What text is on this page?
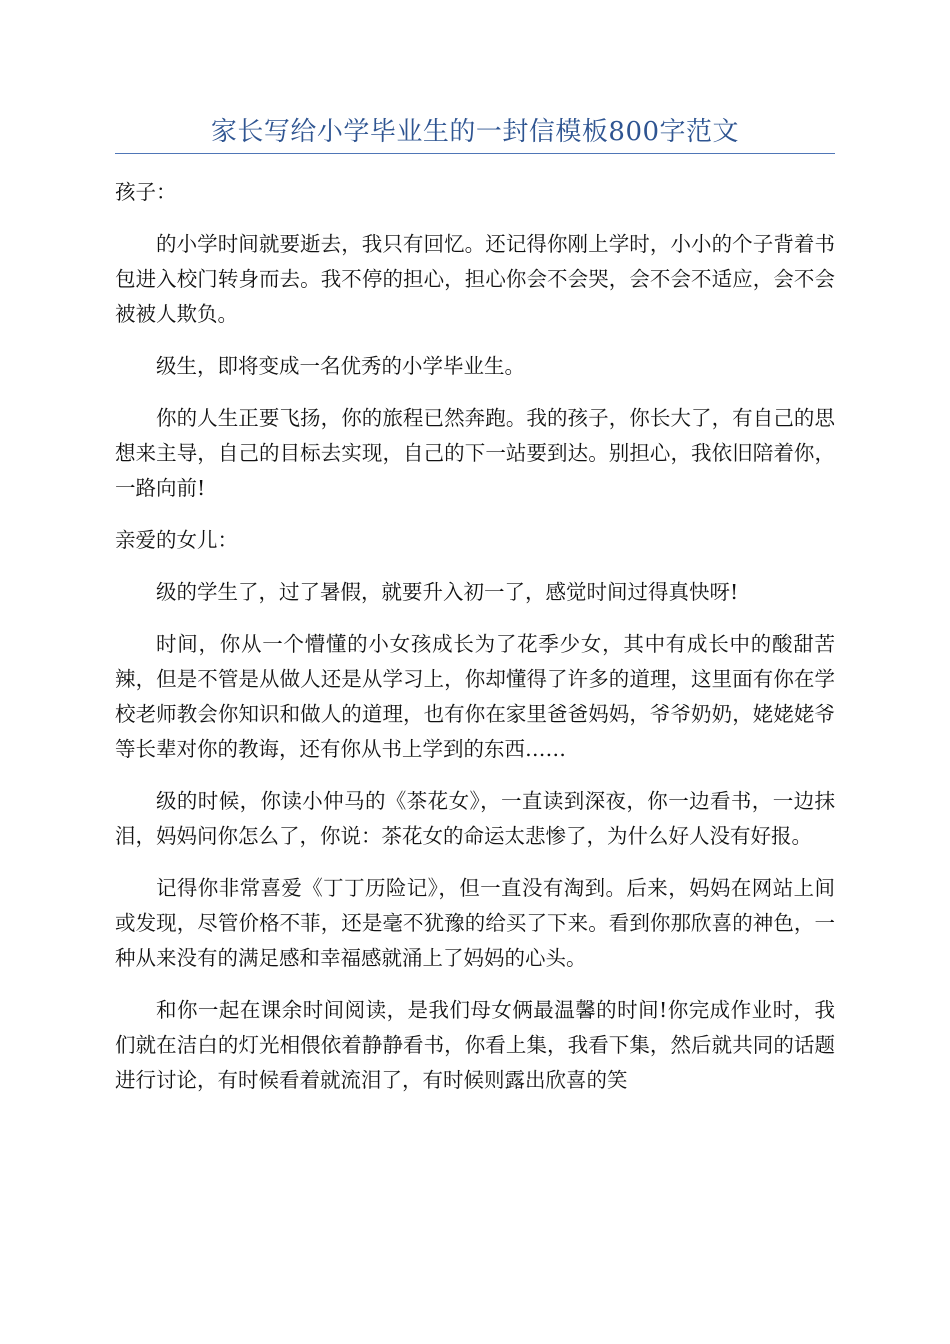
家长写给小学毕业生的一封信模板800字范文

孩子：

的小学时间就要逝去，我只有回忆。还记得你刚上学时，小小的个子背着书包进入校门转身而去。我不停的担心，担心你会不会哭，会不会不适应，会不会被被人欺负。

级生，即将变成一名优秀的小学毕业生。

你的人生正要飞扬，你的旅程已然奔跑。我的孩子，你长大了，有自己的思想来主导，自己的目标去实现，自己的下一站要到达。别担心，我依旧陪着你，一路向前!

亲爱的女儿：

级的学生了，过了暑假，就要升入初一了，感觉时间过得真快呀!

时间，你从一个懵懂的小女孩成长为了花季少女，其中有成长中的酸甜苦辣，但是不管是从做人还是从学习上，你却懂得了许多的道理，这里面有你在学校老师教会你知识和做人的道理，也有你在家里爸爸妈妈，爷爷奶奶，姥姥姥爷等长辈对你的教诲，还有你从书上学到的东西……

级的时候，你读小仲马的《茶花女》，一直读到深夜，你一边看书，一边抹泪，妈妈问你怎么了，你说：茶花女的命运太悲惨了，为什么好人没有好报。

记得你非常喜爱《丁丁历险记》，但一直没有淘到。后来，妈妈在网站上间或发现，尽管价格不菲，还是毫不犹豫的给买了下来。看到你那欣喜的神色，一种从来没有的满足感和幸福感就涌上了妈妈的心头。

和你一起在课余时间阅读，是我们母女俩最温馨的时间!你完成作业时，我们就在洁白的灯光相偎依着静静看书，你看上集，我看下集，然后就共同的话题进行讨论，有时候看着就流泪了，有时候则露出欣喜的笑
